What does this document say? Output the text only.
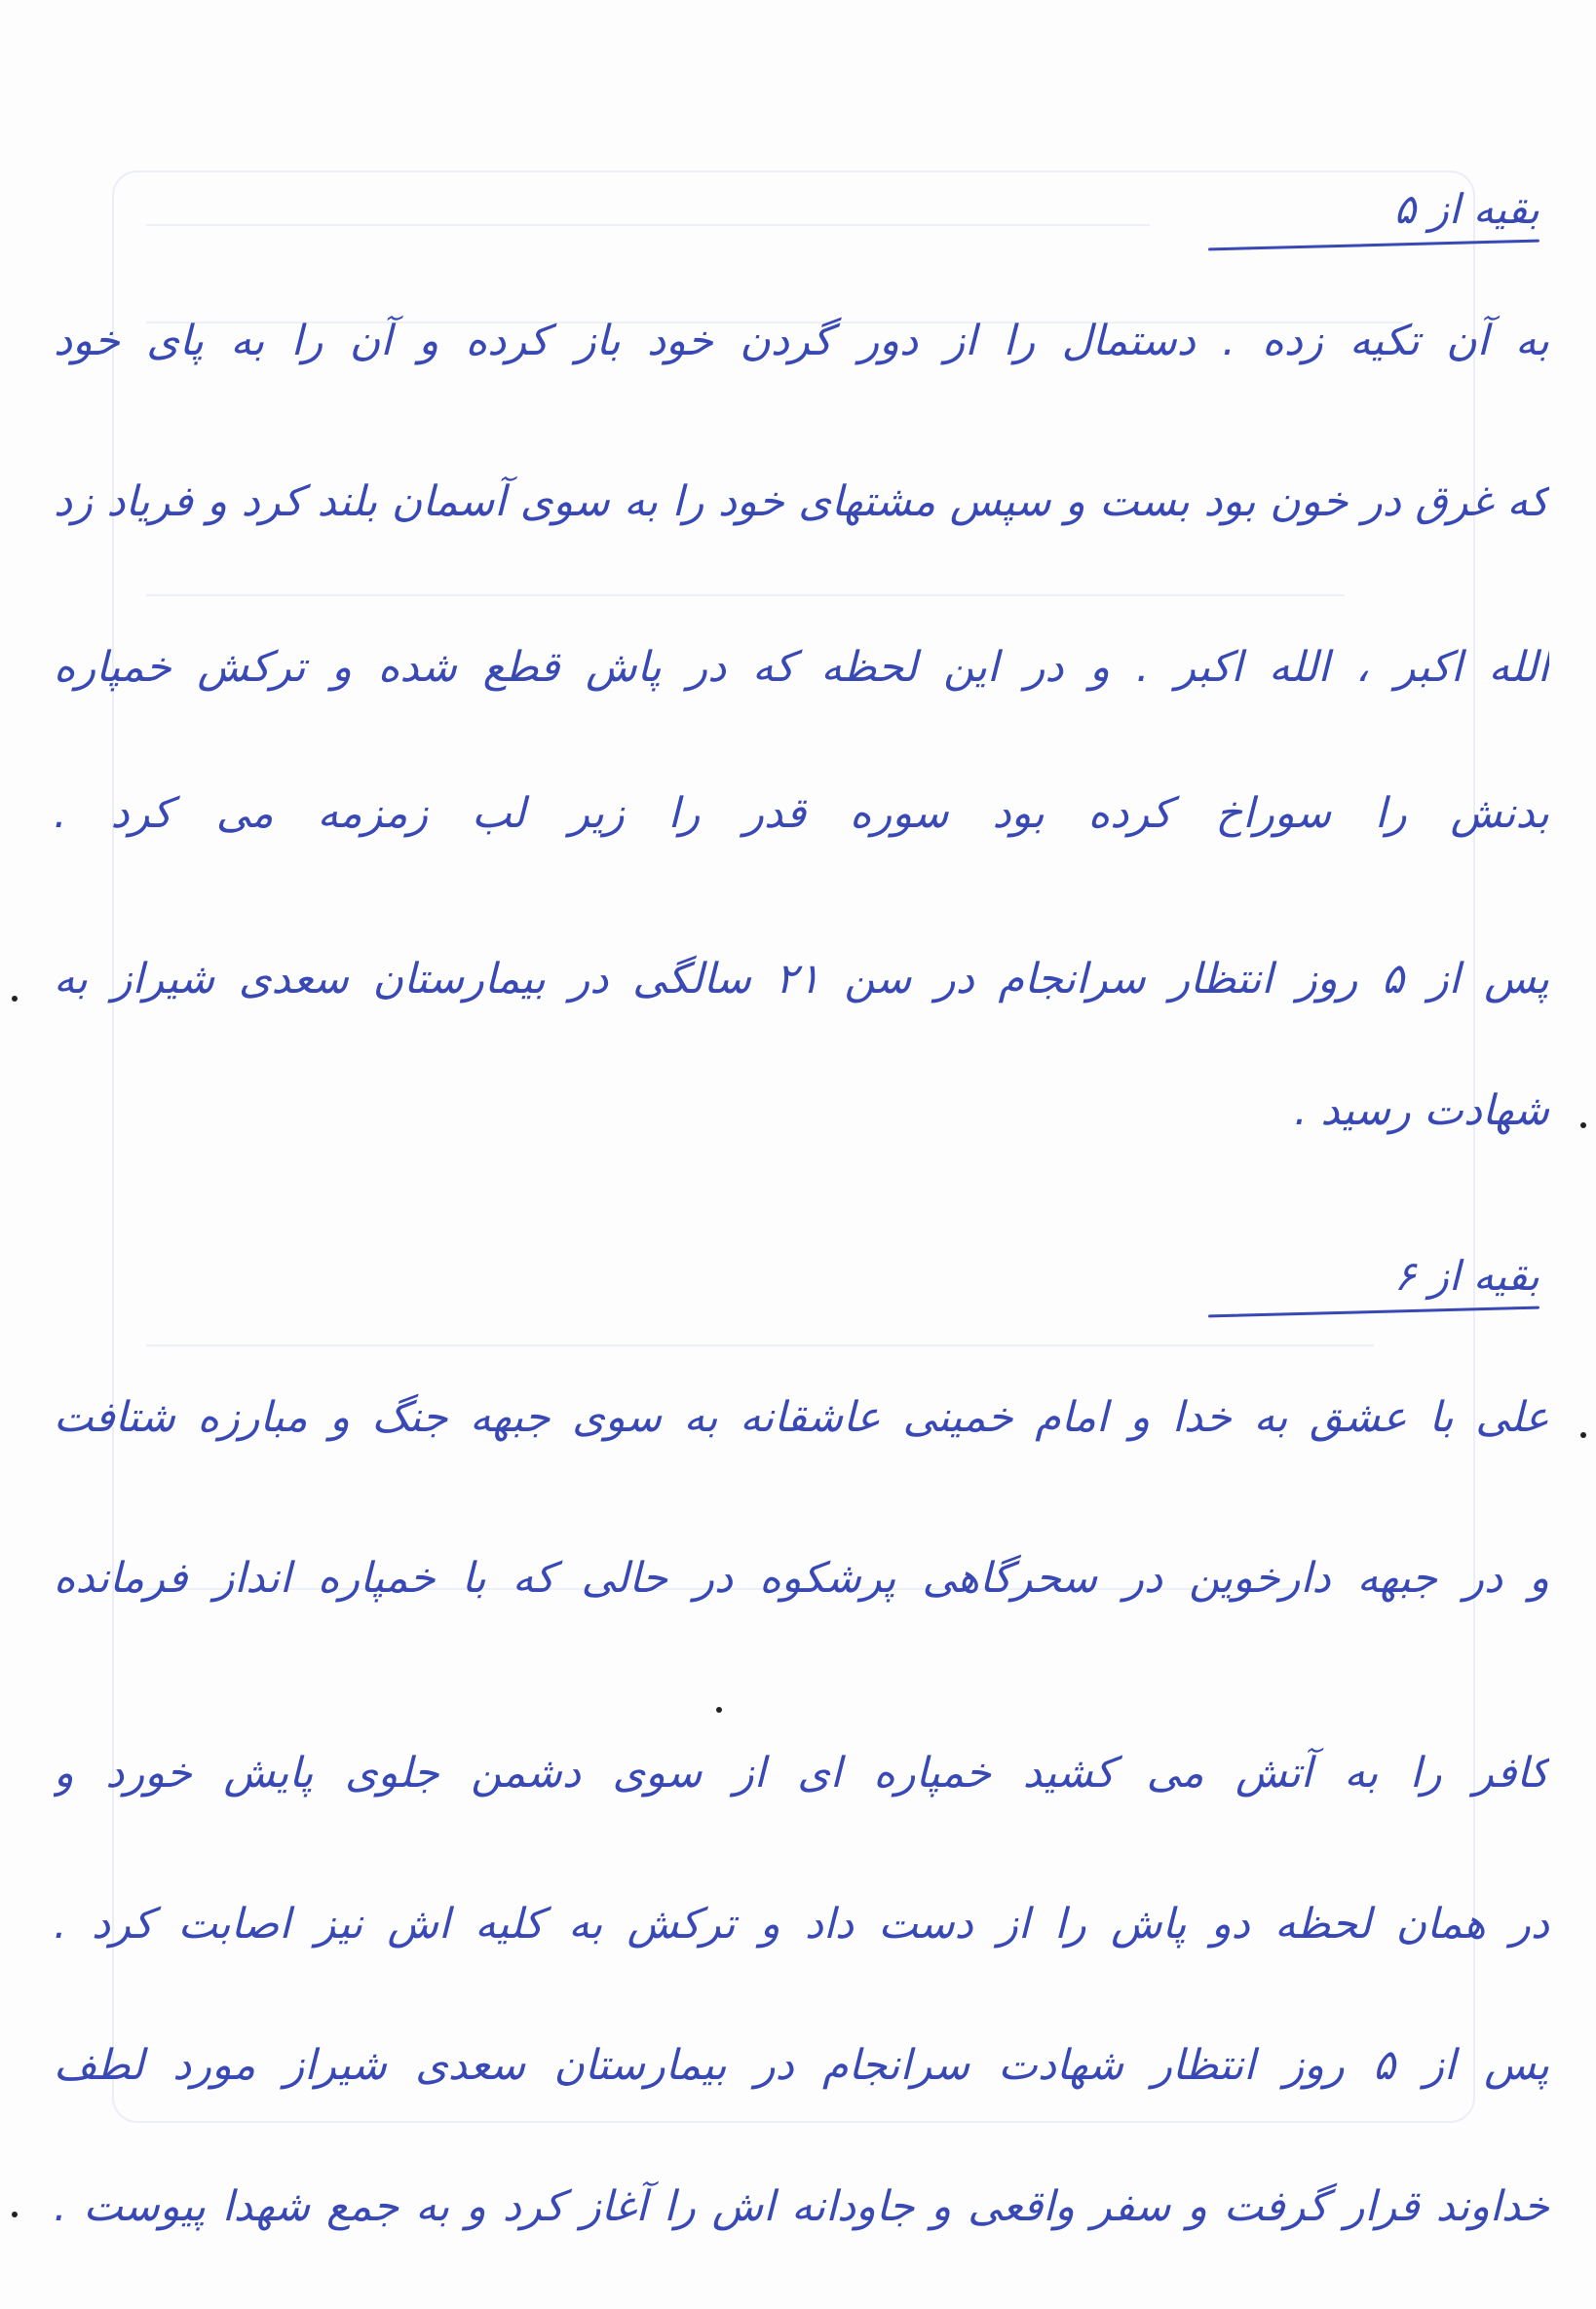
بقیه از ۵
به آن تکیه زده . دستمال را از دور گردن خود باز کرده و آن را به پای خود
که غرق در خون بود بست و سپس مشتهای خود را به سوی آسمان بلند کرد و فریاد زد
الله اکبر ، الله اکبر . و در این لحظه که در پاش قطع شده و ترکش خمپاره
بدنش را سوراخ کرده بود سوره قدر را زیر لب زمزمه می کرد .
پس از ۵ روز انتظار سرانجام در سن ۲۱ سالگی در بیمارستان سعدی شیراز به
شهادت رسید .
بقیه از ۶
علی با عشق به خدا و امام خمینی عاشقانه به سوی جبهه جنگ و مبارزه شتافت
و در جبهه دارخوین در سحرگاهی پرشکوه در حالی که با خمپاره انداز فرمانده
کافر را به آتش می کشید خمپاره ای از سوی دشمن جلوی پایش خورد و
در همان لحظه دو پاش را از دست داد و ترکش به کلیه اش نیز اصابت کرد .
پس از ۵ روز انتظار شهادت سرانجام در بیمارستان سعدی شیراز مورد لطف
خداوند قرار گرفت و سفر واقعی و جاودانه اش را آغاز کرد و به جمع شهدا پیوست .
